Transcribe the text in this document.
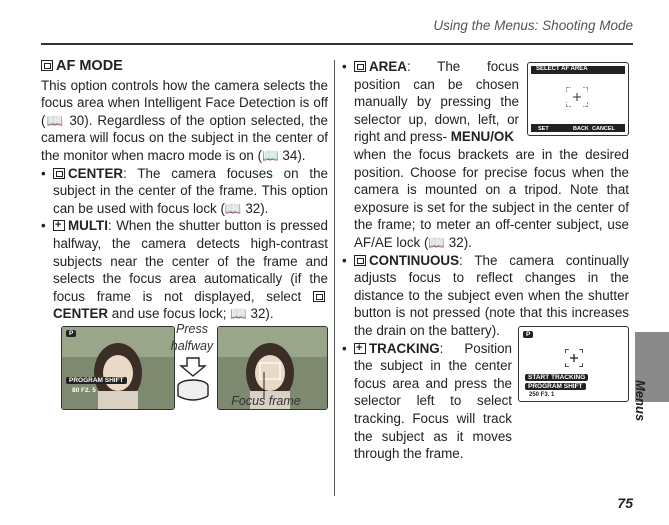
Using the Menus: Shooting Mode
AF MODE
This option controls how the camera selects the focus area when Intelligent Face Detection is off (📖 30). Regardless of the option selected, the camera will focus on the subject in the center of the monitor when macro mode is on (📖 34).
• CENTER: The camera focuses on the subject in the center of the frame. This option can be used with focus lock (📖 32).
• + MULTI: When the shutter button is pressed halfway, the camera detects high-contrast subjects near the center of the frame and selects the focus area automatically (if the focus frame is not displayed, select CENTER and use focus lock; 📖 32).
P
PROGRAM SHIFT
80 F2. 5
Press
halfway
Focus frame
•	AREA: The focus position can be chosen manually by pressing the selector up, down, left, or right and press- MENU/OK
when the focus brackets are in the desired position. Choose for precise focus when the camera is mounted on a tripod. Note that exposure is set for the subject in the center of the frame; to meter an off-center subject, use AF/AE lock (📖 32).
• CONTINUOUS: The camera continually adjusts focus to reflect changes in the distance to the subject even when the shutter button is not pressed (note that this increases the drain on the battery).
• + TRACKING: Position the subject in the center focus area and press the selector left to select tracking. Focus will track the subject as it moves through the frame.
SELECT AF AREA
SET	BACK CANCEL
P
START TRACKING
PROGRAM SHIFT
250 F3. 1	Menus
75
